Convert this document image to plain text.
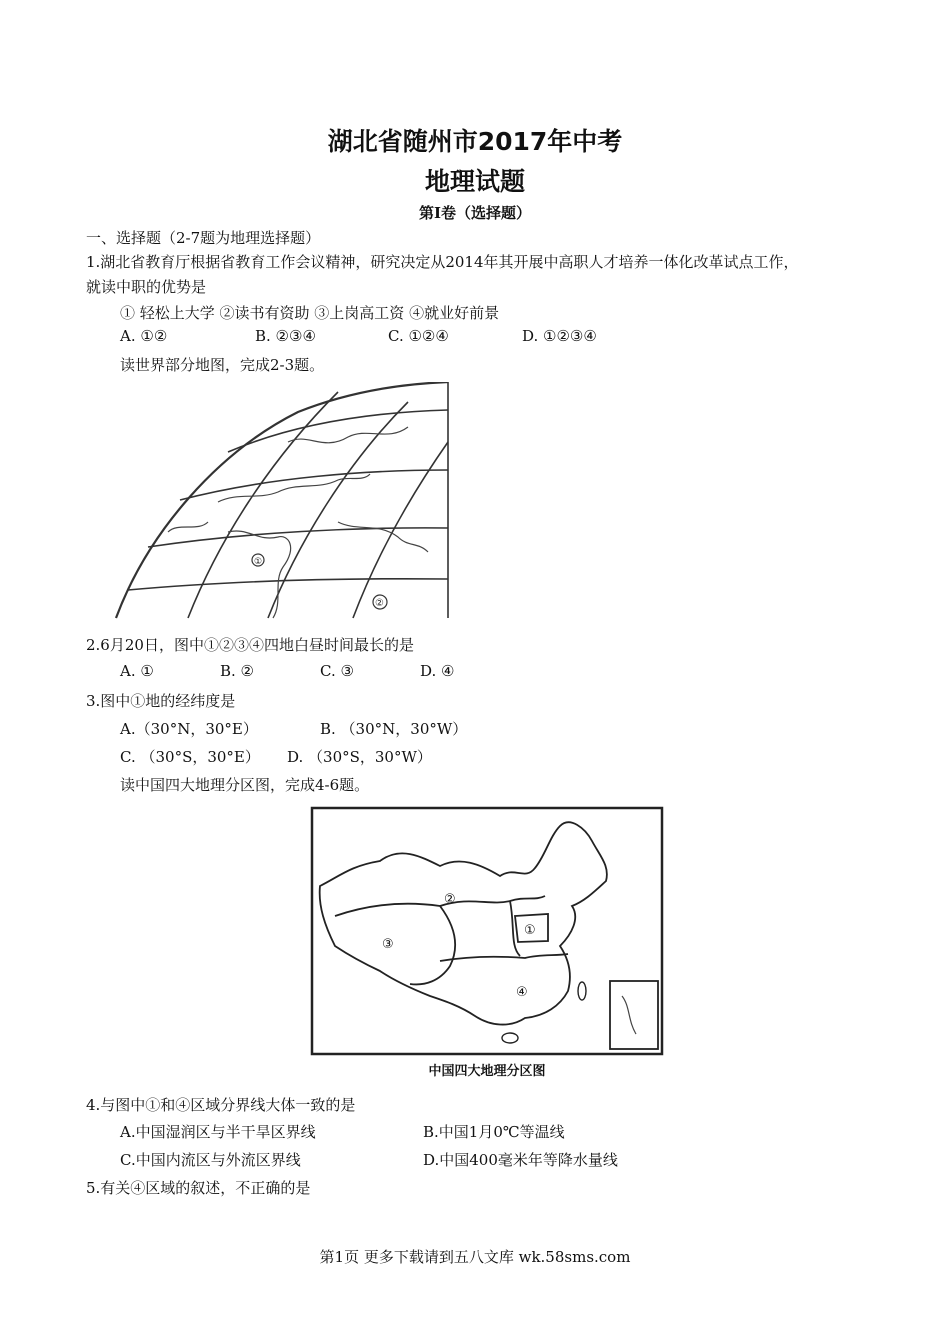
湖北省随州市2017年中考
地理试题
第Ⅰ卷（选择题）
一、选择题（2-7题为地理选择题）
1.湖北省教育厅根据省教育工作会议精神，研究决定从2014年其开展中高职人才培养一体化改革试点工作，
就读中职的优势是
① 轻松上大学 ②读书有资助 ③上岗高工资 ④就业好前景
A. ①②	B. ②③④	C. ①②④	D. ①②③④
读世界部分地图，完成2-3题。
①
②
2.6月20日，图中①②③④四地白昼时间最长的是
A. ①	B. ②	C. ③	D. ④
3.图中①地的经纬度是
A.（30°N，30°E）	B. （30°N，30°W）
C. （30°S，30°E） D. （30°S，30°W）
读中国四大地理分区图，完成4-6题。
①
②
③
④
中国四大地理分区图
4.与图中①和④区域分界线大体一致的是
A.中国湿润区与半干旱区界线	B.中国1月0℃等温线
C.中国内流区与外流区界线	D.中国400毫米年等降水量线
5.有关④区域的叙述，不正确的是
第1页 更多下载请到五八文库 wk.58sms.com
